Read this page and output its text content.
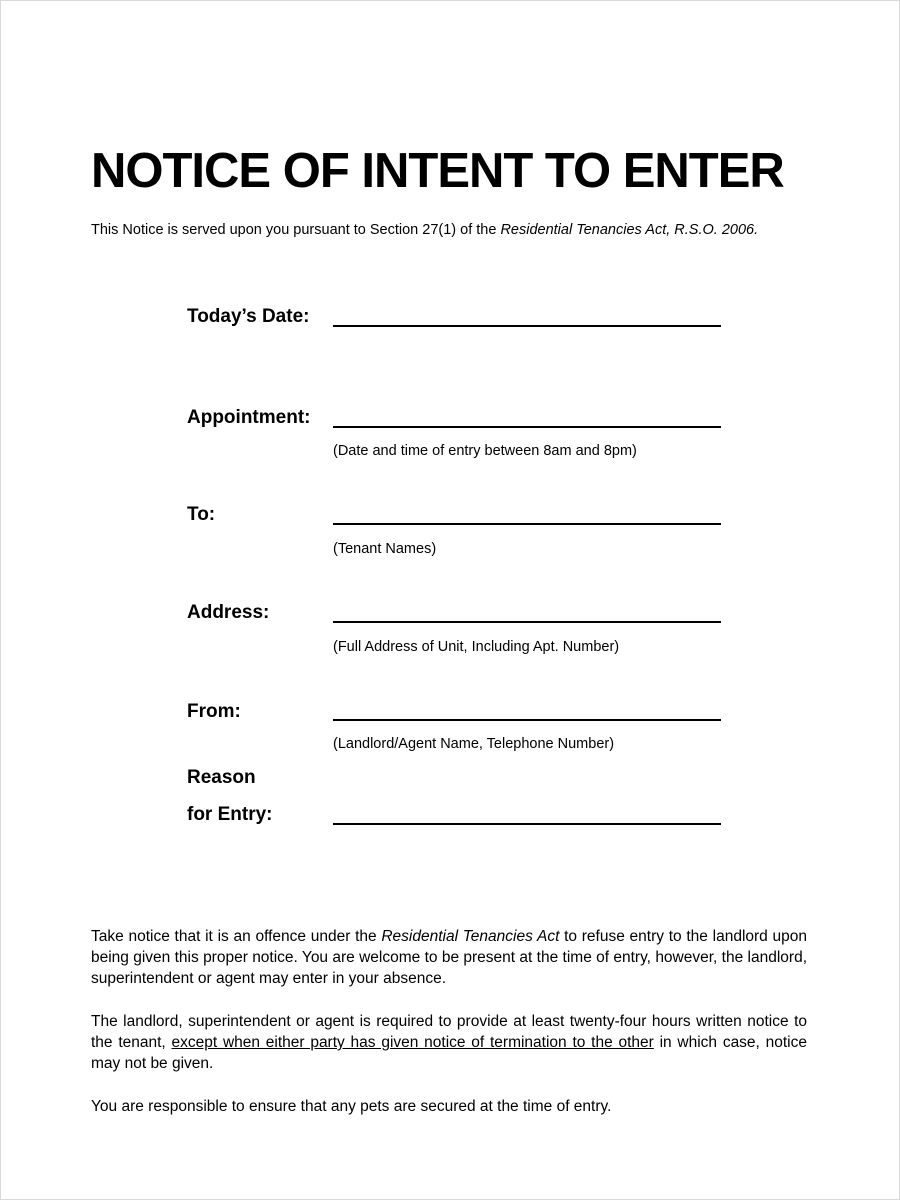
NOTICE OF INTENT TO ENTER
This Notice is served upon you pursuant to Section 27(1) of the Residential Tenancies Act, R.S.O. 2006.
Today’s Date:
Appointment:
(Date and time of entry between 8am and 8pm)
To:
(Tenant Names)
Address:
(Full Address of Unit, Including Apt. Number)
From:
(Landlord/Agent Name, Telephone Number)
Reason
for Entry:

Take notice that it is an offence under the Residential Tenancies Act to refuse entry to the landlord upon being given this proper notice. You are welcome to be present at the time of entry, however, the landlord, superintendent or agent may enter in your absence.

The landlord, superintendent or agent is required to provide at least twenty-four hours written notice to the tenant, except when either party has given notice of termination to the other in which case, notice may not be given.

You are responsible to ensure that any pets are secured at the time of entry.
